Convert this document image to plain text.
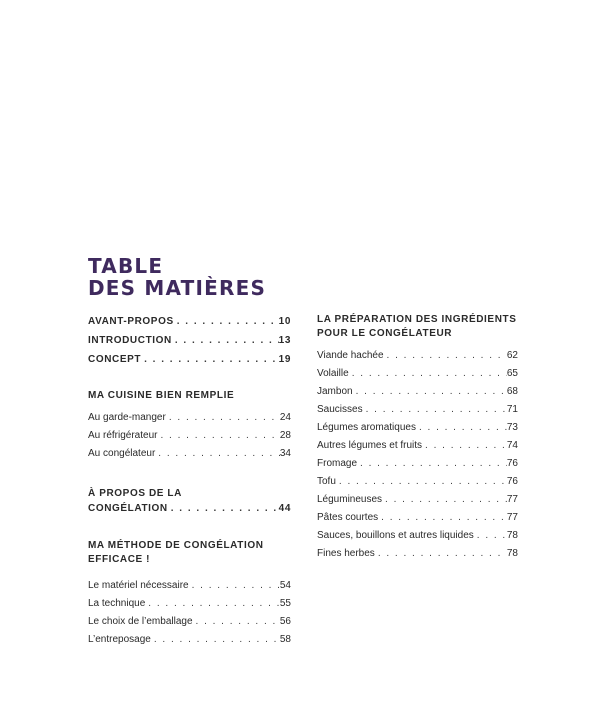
TABLE
DES MATIÈRES
AVANT-PROPOS . . .	10
INTRODUCTION . . .	13
CONCEPT . . .	19

MA CUISINE BIEN REMPLIE

Au garde-manger . . .	24
Au réfrigérateur . . .	28
Au congélateur . . .	34

À PROPOS DE LA

CONGÉLATION . . .	44

MA MÉTHODE DE CONGÉLATION

EFFICACE !

Le matériel nécessaire . . .	54
La technique . . .	55
Le choix de l’emballage . . .	56
L’entreposage . . .	58

LA PRÉPARATION DES INGRÉDIENTS

POUR LE CONGÉLATEUR

Viande hachée . . .	62
Volaille . . .	65
Jambon . . .	68
Saucisses . . .	71
Légumes aromatiques . . .	73
Autres légumes et fruits . . .	74
Fromage . . .	76
Tofu . . .	76
Légumineuses . . .	77
Pâtes courtes . . .	77
Sauces, bouillons et autres liquides . . .	78
Fines herbes . . .	78
